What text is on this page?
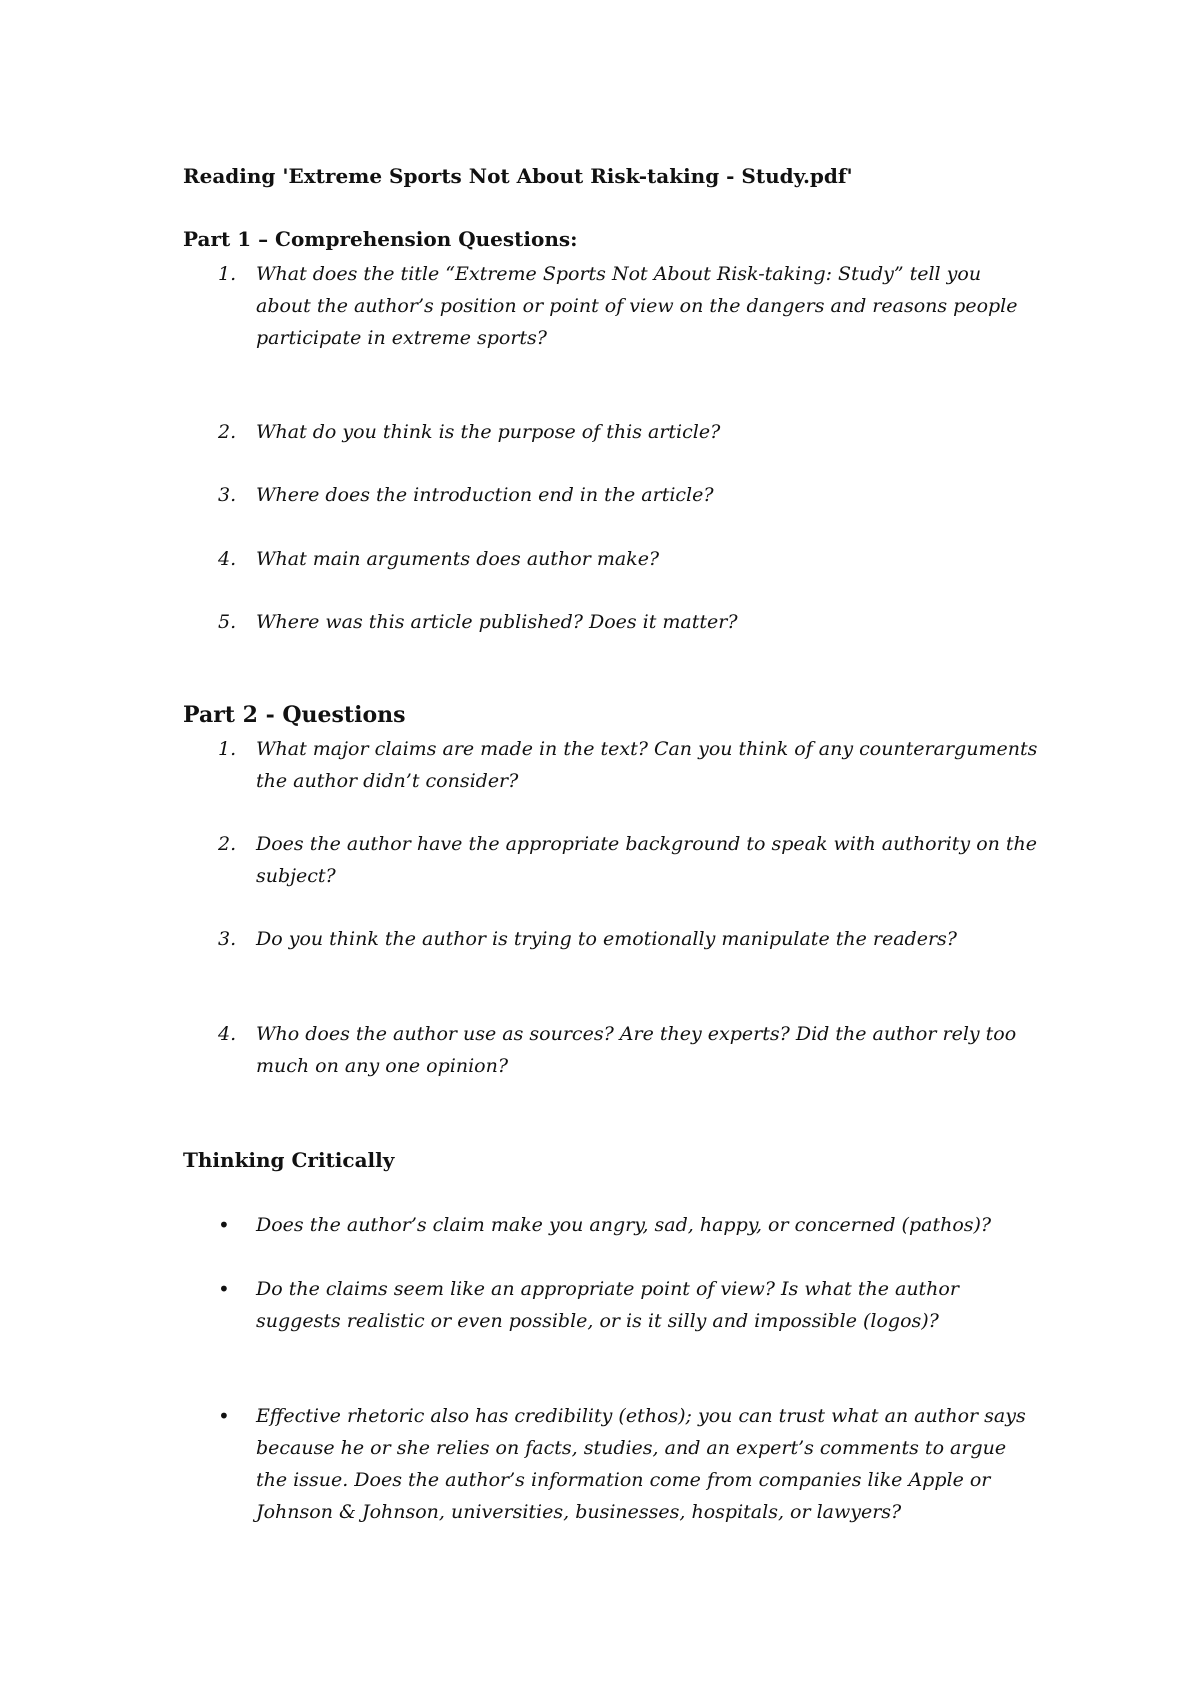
Reading 'Extreme Sports Not About Risk-taking - Study.pdf'
Part 1 – Comprehension Questions:
1. What does the title “Extreme Sports Not About Risk-taking: Study” tell you about the author’s position or point of view on the dangers and reasons people participate in extreme sports?
2. What do you think is the purpose of this article?
3. Where does the introduction end in the article?
4. What main arguments does author make?
5. Where was this article published? Does it matter?
Part 2 - Questions
1. What major claims are made in the text? Can you think of any counterarguments the author didn’t consider?
2. Does the author have the appropriate background to speak with authority on the subject?
3. Do you think the author is trying to emotionally manipulate the readers?
4. Who does the author use as sources? Are they experts? Did the author rely too much on any one opinion?
Thinking Critically
• Does the author’s claim make you angry, sad, happy, or concerned (pathos)?
• Do the claims seem like an appropriate point of view? Is what the author suggests realistic or even possible, or is it silly and impossible (logos)?
• Effective rhetoric also has credibility (ethos); you can trust what an author says because he or she relies on facts, studies, and an expert’s comments to argue the issue. Does the author’s information come from companies like Apple or Johnson & Johnson, universities, businesses, hospitals, or lawyers?
